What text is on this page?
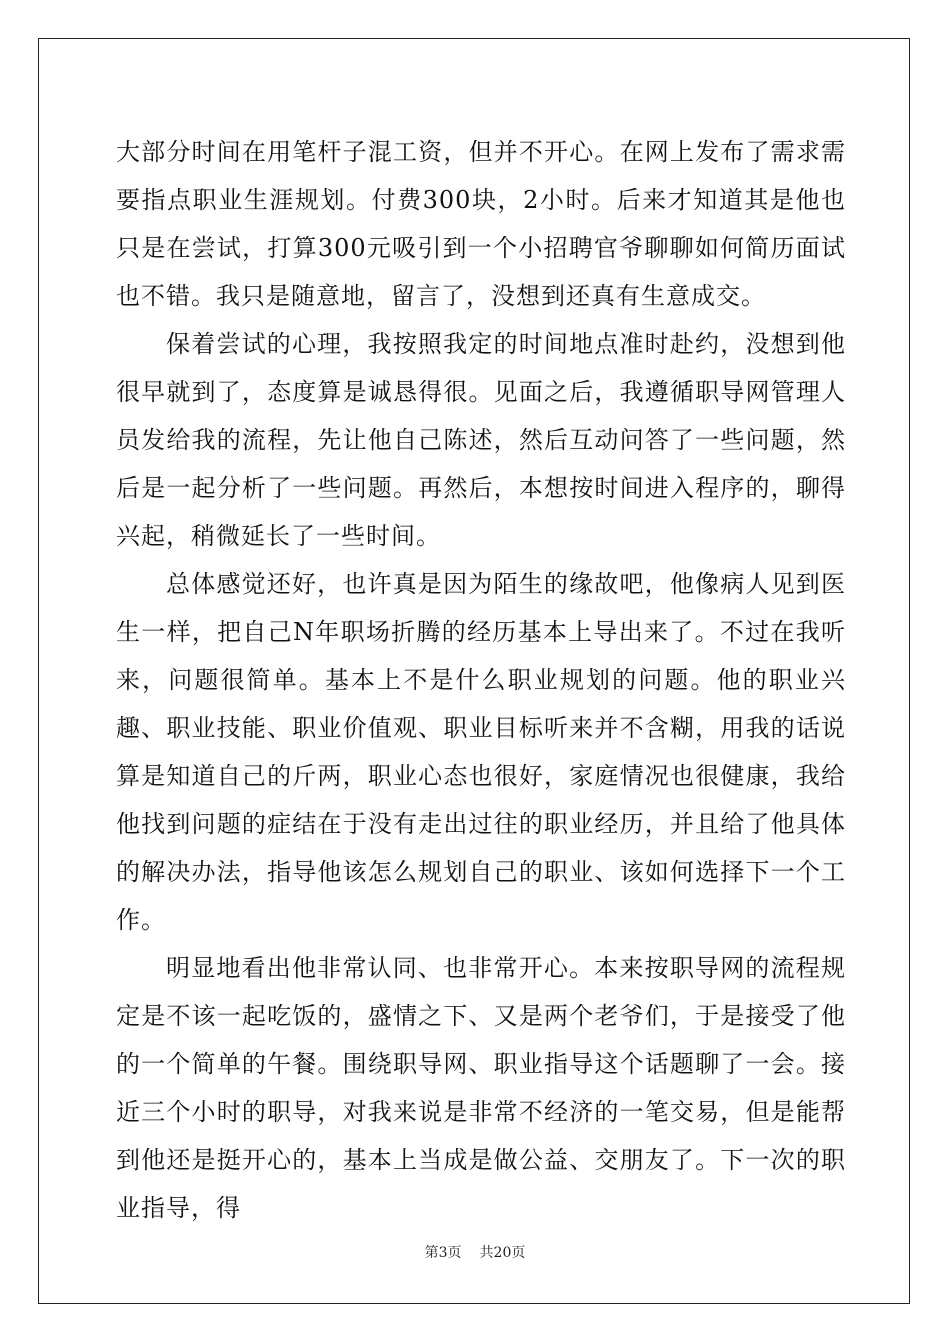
大部分时间在用笔杆子混工资，但并不开心。在网上发布了需求需要指点职业生涯规划。付费300块，2小时。后来才知道其是他也只是在尝试，打算300元吸引到一个小招聘官爷聊聊如何简历面试也不错。我只是随意地，留言了，没想到还真有生意成交。

保着尝试的心理，我按照我定的时间地点准时赴约，没想到他很早就到了，态度算是诚恳得很。见面之后，我遵循职导网管理人员发给我的流程，先让他自己陈述，然后互动问答了一些问题，然后是一起分析了一些问题。再然后，本想按时间进入程序的，聊得兴起，稍微延长了一些时间。

总体感觉还好，也许真是因为陌生的缘故吧，他像病人见到医生一样，把自己N年职场折腾的经历基本上导出来了。不过在我听来，问题很简单。基本上不是什么职业规划的问题。他的职业兴趣、职业技能、职业价值观、职业目标听来并不含糊，用我的话说算是知道自己的斤两，职业心态也很好，家庭情况也很健康，我给他找到问题的症结在于没有走出过往的职业经历，并且给了他具体的解决办法，指导他该怎么规划自己的职业、该如何选择下一个工作。

明显地看出他非常认同、也非常开心。本来按职导网的流程规定是不该一起吃饭的，盛情之下、又是两个老爷们，于是接受了他的一个简单的午餐。围绕职导网、职业指导这个话题聊了一会。接近三个小时的职导，对我来说是非常不经济的一笔交易，但是能帮到他还是挺开心的，基本上当成是做公益、交朋友了。下一次的职业指导，得

第3页 共20页
